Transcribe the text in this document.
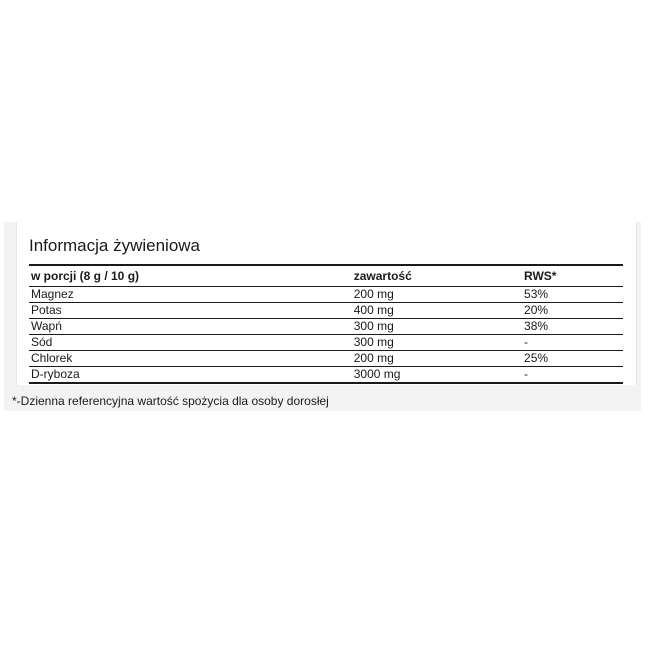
Informacja żywieniowa
w porcji (8 g / 10 g)	zawartość	RWS*
Magnez	200 mg	53%
Potas	400 mg	20%
Wapń	300 mg	38%
Sód	300 mg	-
Chlorek	200 mg	25%
D-ryboza	3000 mg	-
*-Dzienna referencyjna wartość spożycia dla osoby dorosłej
